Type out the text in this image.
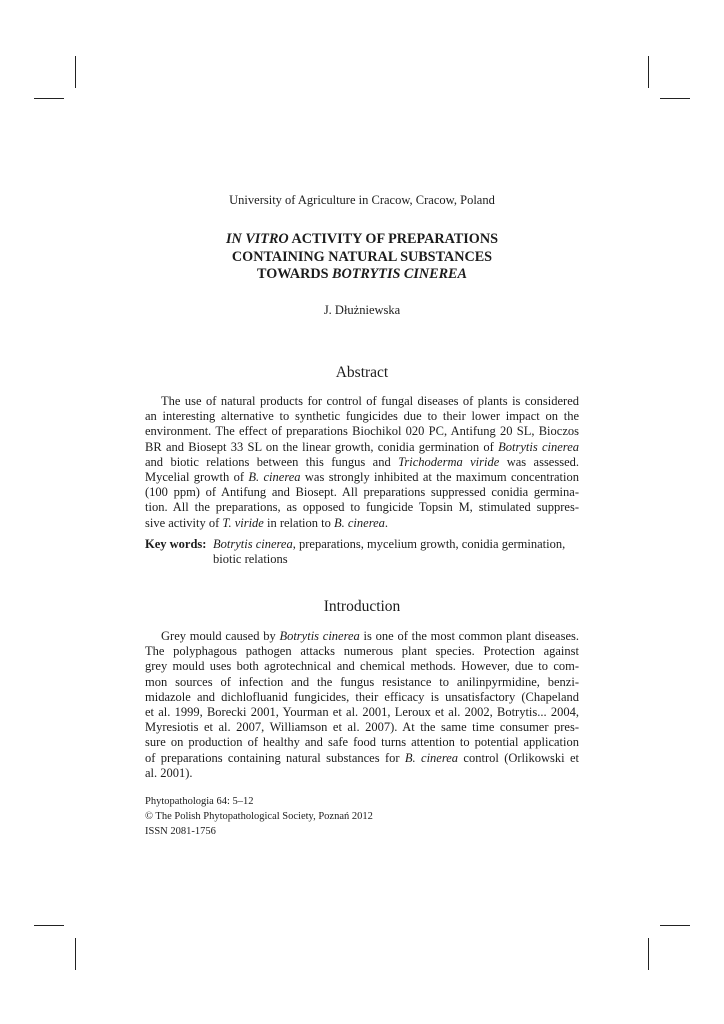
University of Agriculture in Cracow, Cracow, Poland
IN VITRO ACTIVITY OF PREPARATIONS
CONTAINING NATURAL SUBSTANCES
TOWARDS BOTRYTIS CINEREA
J. Dłużniewska
Abstract
The use of natural products for control of fungal diseases of plants is considered
an interesting alternative to synthetic fungicides due to their lower impact on the
environment. The effect of preparations Biochikol 020 PC, Antifung 20 SL, Bioczos
BR and Biosept 33 SL on the linear growth, conidia germination of Botrytis cinerea
and biotic relations between this fungus and Trichoderma viride was assessed.
Mycelial growth of B. cinerea was strongly inhibited at the maximum concentration
(100 ppm) of Antifung and Biosept. All preparations suppressed conidia germina-
tion. All the preparations, as opposed to fungicide Topsin M, stimulated suppres-
sive activity of T. viride in relation to B. cinerea.
Key words: Botrytis cinerea, preparations, mycelium growth, conidia germination,
biotic relations
Introduction
Grey mould caused by Botrytis cinerea is one of the most common plant diseases.
The polyphagous pathogen attacks numerous plant species. Protection against
grey mould uses both agrotechnical and chemical methods. However, due to com-
mon sources of infection and the fungus resistance to anilinpyrmidine, benzi-
midazole and dichlofluanid fungicides, their efficacy is unsatisfactory (Chapeland
et al. 1999, Borecki 2001, Yourman et al. 2001, Leroux et al. 2002, Botrytis... 2004,
Myresiotis et al. 2007, Williamson et al. 2007). At the same time consumer pres-
sure on production of healthy and safe food turns attention to potential application
of preparations containing natural substances for B. cinerea control (Orlikowski et
al. 2001).
Phytopathologia 64: 5–12
© The Polish Phytopathological Society, Poznań 2012
ISSN 2081-1756
